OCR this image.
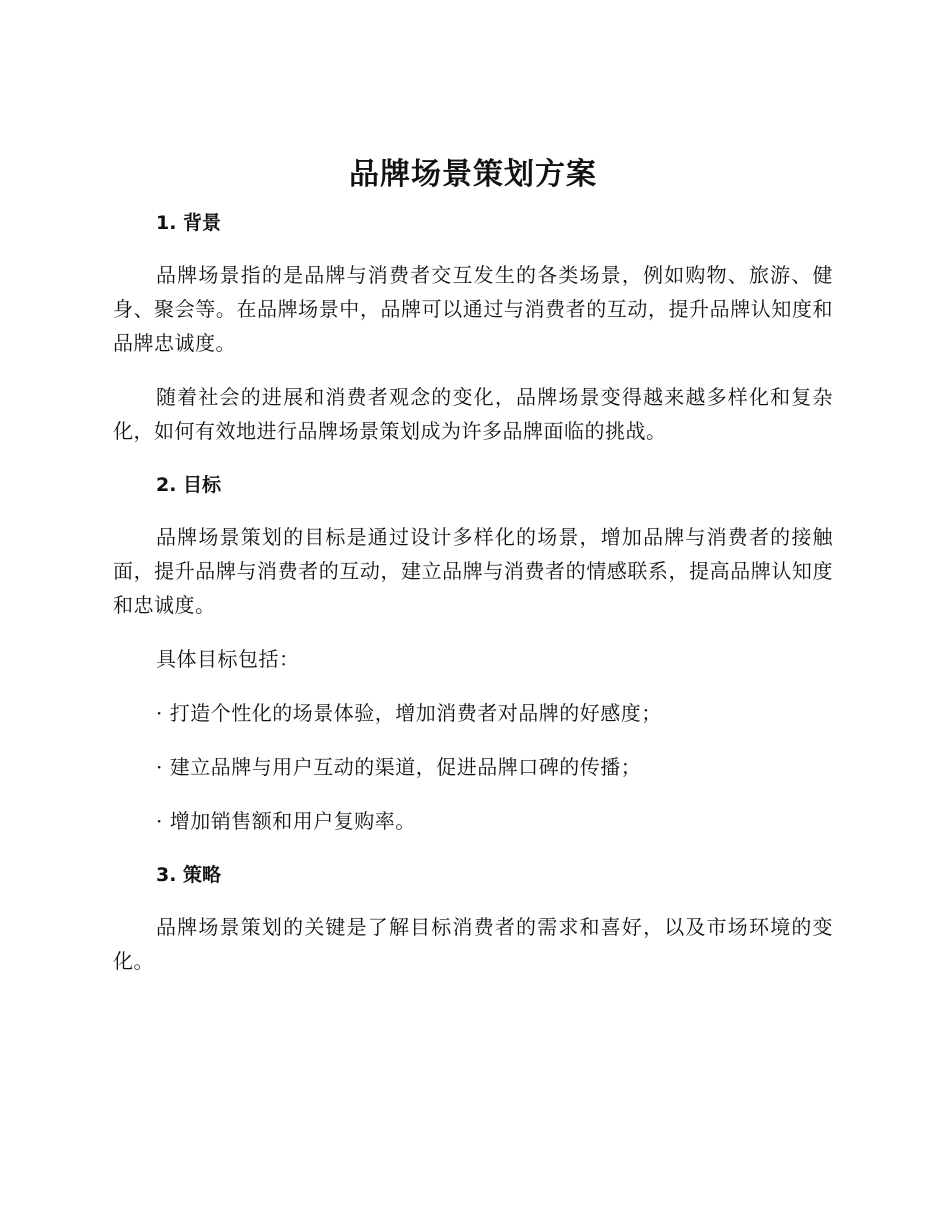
品牌场景策划方案
1. 背景

品牌场景指的是品牌与消费者交互发生的各类场景，例如购物、旅游、健身、聚会等。在品牌场景中，品牌可以通过与消费者的互动，提升品牌认知度和品牌忠诚度。

随着社会的进展和消费者观念的变化，品牌场景变得越来越多样化和复杂化，如何有效地进行品牌场景策划成为许多品牌面临的挑战。

2. 目标

品牌场景策划的目标是通过设计多样化的场景，增加品牌与消费者的接触面，提升品牌与消费者的互动，建立品牌与消费者的情感联系，提高品牌认知度和忠诚度。

具体目标包括：

· 打造个性化的场景体验，增加消费者对品牌的好感度；

· 建立品牌与用户互动的渠道，促进品牌口碑的传播；

· 增加销售额和用户复购率。

3. 策略

品牌场景策划的关键是了解目标消费者的需求和喜好，以及市场环境的变化。
